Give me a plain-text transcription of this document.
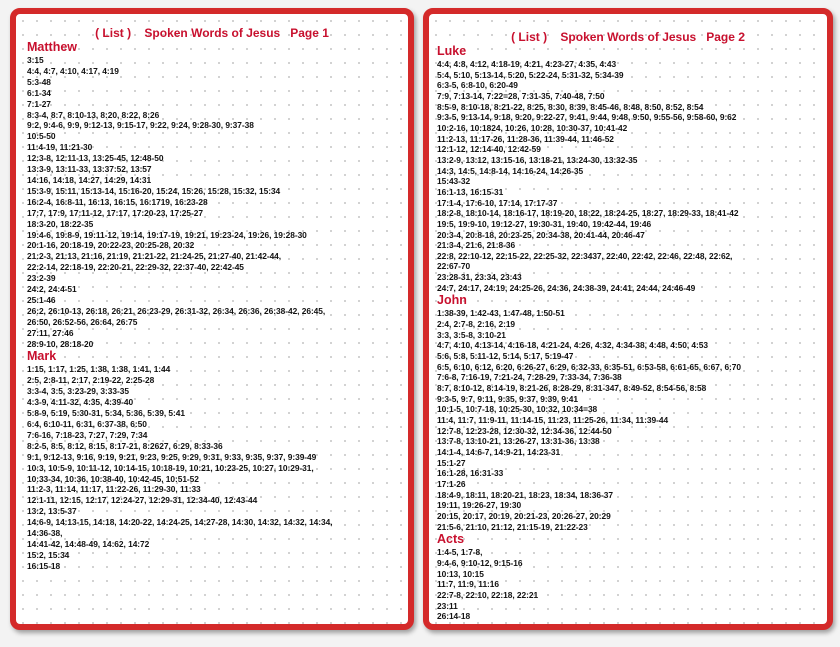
( List )    Spoken Words of Jesus   Page 1
Matthew
3:15
4:4, 4:7, 4:10, 4:17, 4:19
5:3-48
6:1-34
7:1-27
8:3-4, 8:7, 8:10-13, 8:20, 8:22, 8:26
9:2, 9:4-6, 9:9, 9:12-13, 9:15-17, 9:22, 9:24, 9:28-30, 9:37-38
10:5-50
11:4-19, 11:21-30
12:3-8, 12:11-13, 13:25-45, 12:48-50
13:3-9, 13:11-33, 13:37:52, 13:57
14:16, 14:18, 14:27, 14:29, 14:31
15:3-9, 15:11, 15:13-14, 15:16-20, 15:24, 15:26, 15:28, 15:32, 15:34
16:2-4, 16:8-11, 16:13, 16:15, 16:1719, 16:23-28
17:7, 17:9, 17:11-12, 17:17, 17:20-23, 17:25-27
18:3-20, 18:22-35
19:4-6, 19:8-9, 19:11-12, 19:14, 19:17-19, 19:21, 19:23-24, 19:26, 19:28-30
20:1-16, 20:18-19, 20:22-23, 20:25-28, 20:32
21:2-3, 21:13, 21:16, 21:19, 21:21-22, 21:24-25, 21:27-40, 21:42-44,
22:2-14, 22:18-19, 22:20-21, 22:29-32, 22:37-40, 22:42-45
23:2-39
24:2, 24:4-51
25:1-46
26:2, 26:10-13, 26:18, 26:21, 26:23-29, 26:31-32, 26:34, 26:36, 26:38-42, 26:45,
26:50, 26:52-56, 26:64, 26:75
27:11, 27:46
28:9-10, 28:18-20
Mark
1:15, 1:17, 1:25, 1:38, 1:38, 1:41, 1:44
2:5, 2:8-11, 2:17, 2:19-22, 2:25-28
3:3-4, 3:5, 3:23-29, 3:33-35
4:3-9, 4:11-32, 4:35, 4:39-40
5:8-9, 5:19, 5:30-31, 5:34, 5:36, 5:39, 5:41
6:4, 6:10-11, 6:31, 6:37-38, 6:50
7:6-16, 7:18-23, 7:27, 7:29, 7:34
8:2-5, 8:5, 8:12, 8:15, 8:17-21, 8:2627, 6:29, 8:33-36
9:1, 9:12-13, 9:16, 9:19, 9:21, 9:23, 9:25, 9:29, 9:31, 9:33, 9:35, 9:37, 9:39-49
10:3, 10:5-9, 10:11-12, 10:14-15, 10:18-19, 10:21, 10:23-25, 10:27, 10:29-31,
10:33-34, 10:36, 10:38-40, 10:42-45, 10:51-52
11:2-3, 11:14, 11:17, 11:22-26, 11:29-30, 11:33
12:1-11, 12:15, 12:17, 12:24-27, 12:29-31, 12:34-40, 12:43-44
13:2, 13:5-37
14:6-9, 14:13-15, 14:18, 14:20-22, 14:24-25, 14:27-28, 14:30, 14:32, 14:32, 14:34,
14:36-38,
14:41-42, 14:48-49, 14:62, 14:72
15:2, 15:34
16:15-18
( List )    Spoken Words of Jesus   Page 2
Luke
4:4, 4:8, 4:12, 4:18-19, 4:21, 4:23-27, 4:35, 4:43
5:4, 5:10, 5:13-14, 5:20, 5:22-24, 5:31-32, 5:34-39
6:3-5, 6:8-10, 6:20-49
7:9, 7:13-14, 7:22=28, 7:31-35, 7:40-48, 7:50
8:5-9, 8:10-18, 8:21-22, 8:25, 8:30, 8:39, 8:45-46, 8:48, 8:50, 8:52, 8:54
9:3-5, 9:13-14, 9:18, 9:20, 9:22-27, 9:41, 9:44, 9:48, 9:50, 9:55-56, 9:58-60, 9:62
10:2-16, 10:1824, 10:26, 10:28, 10:30-37, 10:41-42
11:2-13, 11:17-26, 11:28-36, 11:39-44, 11:46-52
12:1-12, 12:14-40, 12:42-59
13:2-9, 13:12, 13:15-16, 13:18-21, 13:24-30, 13:32-35
14:3, 14:5, 14:8-14, 14:16-24, 14:26-35
15:43-32
16:1-13, 16:15-31
17:1-4, 17:6-10, 17:14, 17:17-37
18:2-8, 18:10-14, 18:16-17, 18:19-20, 18:22, 18:24-25, 18:27, 18:29-33, 18:41-42
19:5, 19:9-10, 19:12-27, 19:30-31, 19:40, 19:42-44, 19:46
20:3-4, 20:8-18, 20:23-25, 20:34-38, 20:41-44, 20:46-47
21:3-4, 21:6, 21:8-36
22:8, 22:10-12, 22:15-22, 22:25-32, 22:3437, 22:40, 22:42, 22:46, 22:48, 22:62,
22:67-70
23:28-31, 23:34, 23:43
24:7, 24:17, 24:19, 24:25-26, 24:36, 24:38-39, 24:41, 24:44, 24:46-49
John
1:38-39, 1:42-43, 1:47-48, 1:50-51
2:4, 2:7-8, 2:16, 2:19
3:3, 3:5-8, 3:10-21
4:7, 4:10, 4:13-14, 4:16-18, 4:21-24, 4:26, 4:32, 4:34-38, 4:48, 4:50, 4:53
5:6, 5:8, 5:11-12, 5:14, 5:17, 5:19-47
6:5, 6:10, 6:12, 6:20, 6:26-27, 6:29, 6:32-33, 6:35-51, 6:53-58, 6:61-65, 6:67, 6:70
7:6-8, 7:16-19, 7:21-24, 7:28-29, 7:33-34, 7:36-38
8:7, 8:10-12, 8:14-19, 8:21-26, 8:28-29, 8:31-347, 8:49-52, 8:54-56, 8:58
9:3-5, 9:7, 9:11, 9:35, 9:37, 9:39, 9:41
10:1-5, 10:7-18, 10:25-30, 10:32, 10:34=38
11:4, 11:7, 11:9-11, 11:14-15, 11:23, 11:25-26, 11:34, 11:39-44
12:7-8, 12:23-28, 12:30-32, 12:34-36, 12:44-50
13:7-8, 13:10-21, 13:26-27, 13:31-36, 13:38
14:1-4, 14:6-7, 14:9-21, 14:23-31
15:1-27
16:1-28, 16:31-33
17:1-26
18:4-9, 18:11, 18:20-21, 18:23, 18:34, 18:36-37
19:11, 19:26-27, 19:30
20:15, 20:17, 20:19, 20:21-23, 20:26-27, 20:29
21:5-6, 21:10, 21:12, 21:15-19, 21:22-23
Acts
1:4-5, 1:7-8,
9:4-6, 9:10-12, 9:15-16
10:13, 10:15
11:7, 11:9, 11:16
22:7-8, 22:10, 22:18, 22:21
23:11
26:14-18
